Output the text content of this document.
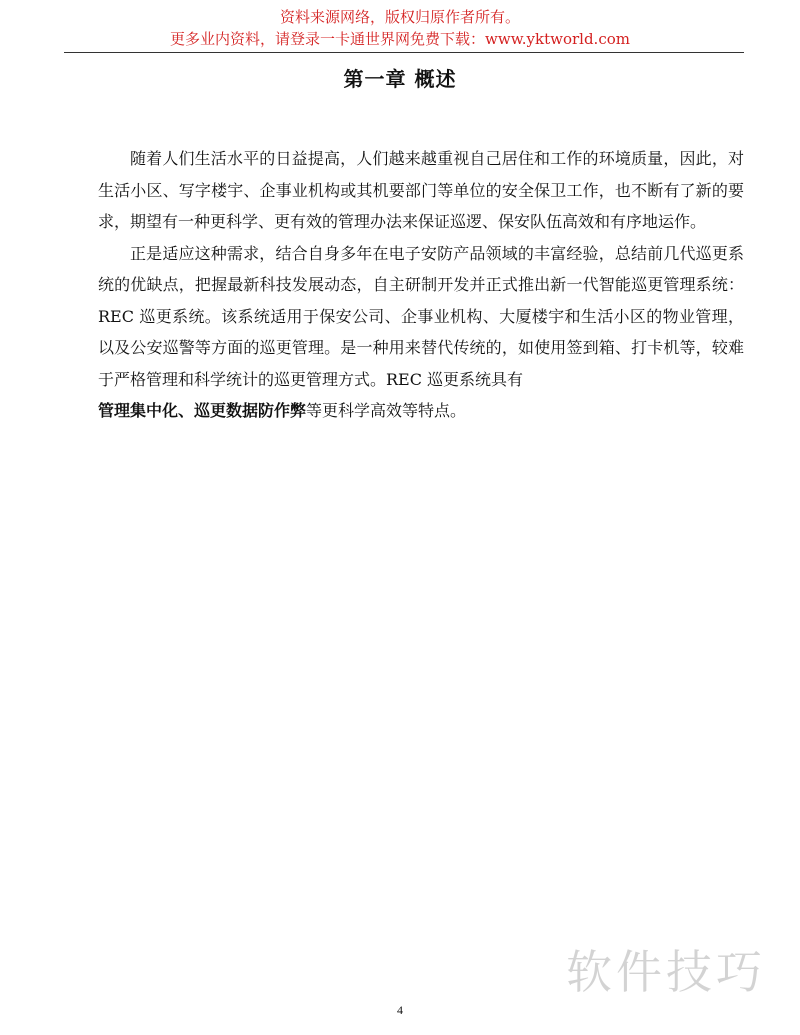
资料来源网络，版权归原作者所有。
更多业内资料，请登录一卡通世界网免费下载：www.yktworld.com
第一章 概述

随着人们生活水平的日益提高，人们越来越重视自己居住和工作的环境质量，因此，对生活小区、写字楼宇、企事业机构或其机要部门等单位的安全保卫工作，也不断有了新的要求，期望有一种更科学、更有效的管理办法来保证巡逻、保安队伍高效和有序地运作。

正是适应这种需求，结合自身多年在电子安防产品领域的丰富经验，总结前几代巡更系统的优缺点，把握最新科技发展动态，自主研制开发并正式推出新一代智能巡更管理系统：REC 巡更系统。该系统适用于保安公司、企事业机构、大厦楼宇和生活小区的物业管理，以及公安巡警等方面的巡更管理。是一种用来替代传统的，如使用签到箱、打卡机等，较难于严格管理和科学统计的巡更管理方式。REC 巡更系统具有
管理集中化、巡更数据防作弊等更科学高效等特点。

软件技巧
4
